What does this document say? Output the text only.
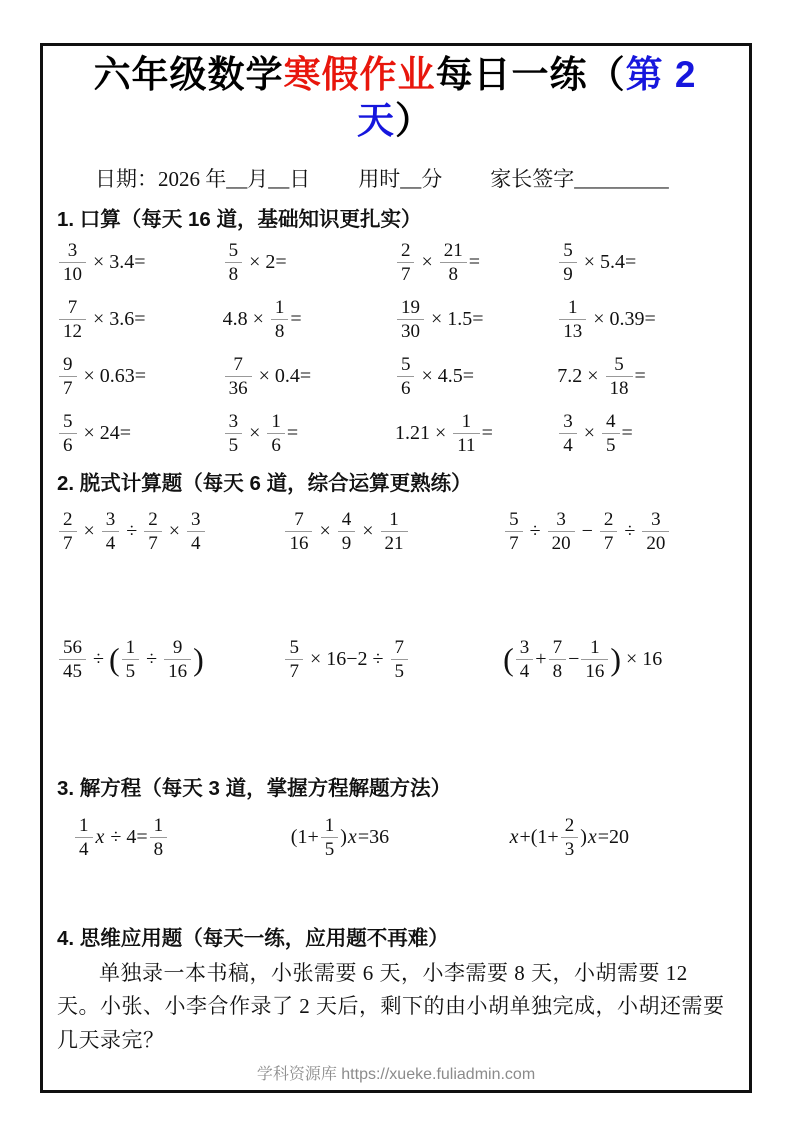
六年级数学寒假作业每日一练（第 2 天）
日期：2026 年__月__日 用时__分 家长签字_________
1. 口算（每天 16 道，基础知识更扎实）
$\frac{3}{10} \times 3.4=$	$\frac{5}{8} \times 2=$	$\frac{2}{7} \times \frac{21}{8}$ =	$\frac{5}{9} \times 5.4=$
$\frac{7}{12} \times 3.6=$	$4.8 \times \frac{1}{8}$ =	$\frac{19}{30} \times 1.5=$	$\frac{1}{13} \times 0.39=$
$\frac{9}{7} \times 0.63=$	$\frac{7}{36} \times 0.4=$	$\frac{5}{6} \times 4.5=$	$7.2 \times \frac{5}{18}$ =
$\frac{5}{6} \times 24=$	$\frac{3}{5} \times \frac{1}{6}$ =	$1.21 \times \frac{1}{11}$ =	$\frac{3}{4} \times \frac{4}{5}$ =
2. 脱式计算题（每天 6 道，综合运算更熟练）
$\frac{2}{7} \times \frac{3}{4} \div \frac{2}{7} \times \frac{3}{4}$	$\frac{7}{16} \times \frac{4}{9} \times \frac{1}{21}$	$\frac{5}{7} \div \frac{3}{20} - \frac{2}{7} \div \frac{3}{20}$
$\frac{56}{45}$ ÷ ( $\frac{1}{5} \div \frac{9}{16}$ )	$\frac{5}{7} \times 16-2 \div \frac{7}{5}$	( $\frac{3}{4} + \frac{7}{8} - \frac{1}{16}$ ) × 16
3. 解方程（每天 3 道，掌握方程解题方法）
$\frac{1}{4}$ $x \div 4= \frac{1}{8}$	($1+ \frac{1}{5}$ ) x =36	$x +(1+ \frac{2}{3}$ ) x =20
4. 思维应用题（每天一练，应用题不再难）
单独录一本书稿，小张需要 6 天，小李需要 8 天，小胡需要 12 天。小张、小李合作录了 2 天后，剩下的由小胡单独完成，小胡还需要几天录完？
学科资源库 https://xueke.fuliadmin.com
